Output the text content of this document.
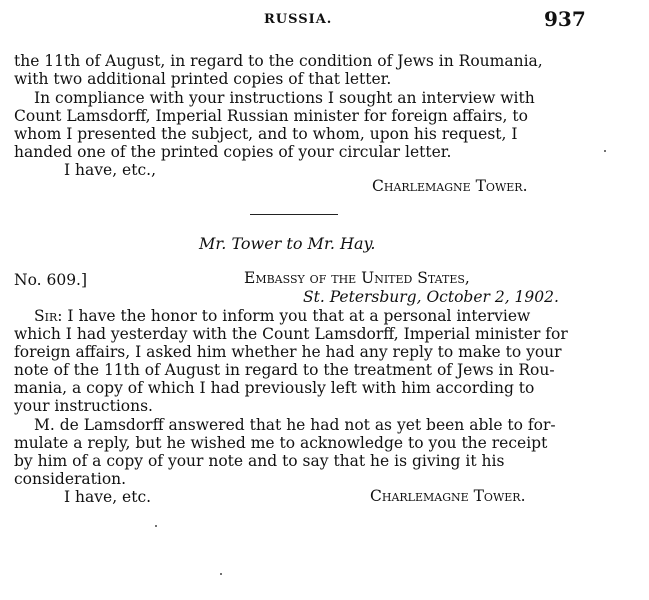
RUSSIA.	937
the 11th of August, in regard to the condition of Jews in Roumania,
with two additional printed copies of that letter.
In compliance with your instructions I sought an interview with
Count Lamsdorff, Imperial Russian minister for foreign affairs, to
whom I presented the subject, and to whom, upon his request, I
handed one of the printed copies of your circular letter.
I have, etc.,
Charlemagne Tower.
Mr. Tower to Mr. Hay.
No. 609.]	Embassy of the United States,
St. Petersburg, October 2, 1902.
Sir: I have the honor to inform you that at a personal interview
which I had yesterday with the Count Lamsdorff, Imperial minister for
foreign affairs, I asked him whether he had any reply to make to your
note of the 11th of August in regard to the treatment of Jews in Rou-
mania, a copy of which I had previously left with him according to
your instructions.
M. de Lamsdorff answered that he had not as yet been able to for-
mulate a reply, but he wished me to acknowledge to you the receipt
by him of a copy of your note and to say that he is giving it his
consideration.
I have, etc.	Charlemagne Tower.
